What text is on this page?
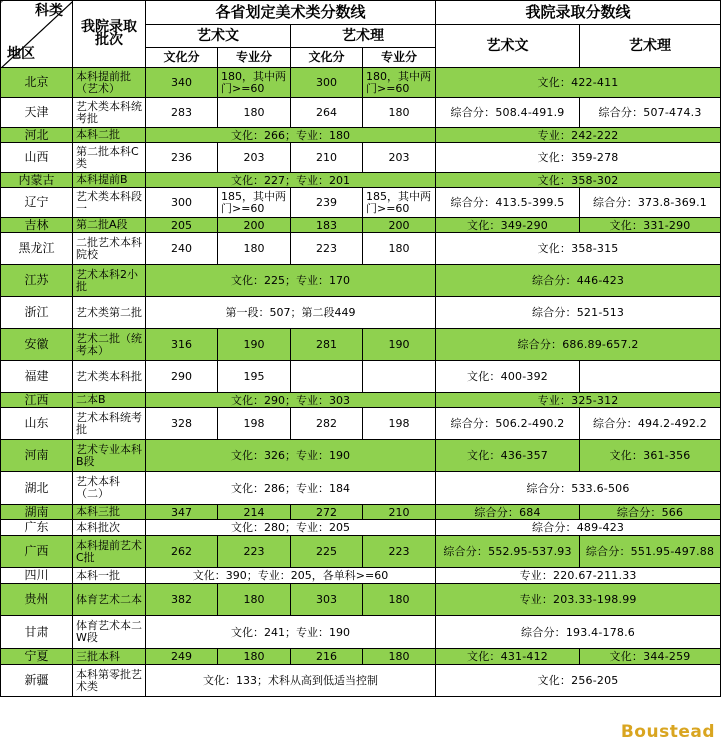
科类
地区	我院录取批次	各省划定美术类分数线				我院录取分数线	
		艺术文		艺术理		艺术文	艺术理
		文化分	专业分	文化分	专业分		
北京	本科提前批（艺术）	340	180，其中两门>=60	300	180，其中两门>=60	文化：422-411	
天津	艺术类本科统考批	283	180	264	180	综合分：508.4-491.9	综合分：507-474.3
河北	本科二批	文化：266；专业：180				专业：242-222	
山西	第二批本科C类	236	203	210	203	文化：359-278	
内蒙古	本科提前B	文化：227；专业：201				文化：358-302	
辽宁	艺术类本科段一	300	185，其中两门>=60	239	185，其中两门>=60	综合分：413.5-399.5	综合分：373.8-369.1
吉林	第二批A段	205	200	183	200	文化：349-290	文化：331-290
黑龙江	二批艺术本科院校	240	180	223	180	文化：358-315	
江苏	艺术本科2小批	文化：225；专业：170				综合分：446-423	
浙江	艺术类第二批	第一段：507；第二段449				综合分：521-513	
安徽	艺术二批（统考本）	316	190	281	190	综合分：686.89-657.2	
福建	艺术类本科批	290	195			文化：400-392	
江西	二本B	文化：290；专业：303				专业：325-312	
山东	艺术本科统考批	328	198	282	198	综合分：506.2-490.2	综合分：494.2-492.2
河南	艺术专业本科B段	文化：326；专业：190				文化：436-357	文化：361-356
湖北	艺术本科（二）	文化：286；专业：184				综合分：533.6-506	
湖南	本科三批	347	214	272	210	综合分：684	综合分：566
广东	本科批次	文化：280；专业：205				综合分：489-423	
广西	本科提前艺术C批	262	223	225	223	综合分：552.95-537.93	综合分：551.95-497.88
四川	本科一批	文化：390；专业：205，各单科>=60				专业：220.67-211.33	
贵州	体育艺术二本	382	180	303	180	专业：203.33-198.99	
甘肃	体育艺术本二W段	文化：241；专业：190				综合分：193.4-178.6	
宁夏	三批本科	249	180	216	180	文化：431-412	文化：344-259
新疆	本科第零批艺术类	文化：133；术科从高到低适当控制				文化：256-205	
Boustead
